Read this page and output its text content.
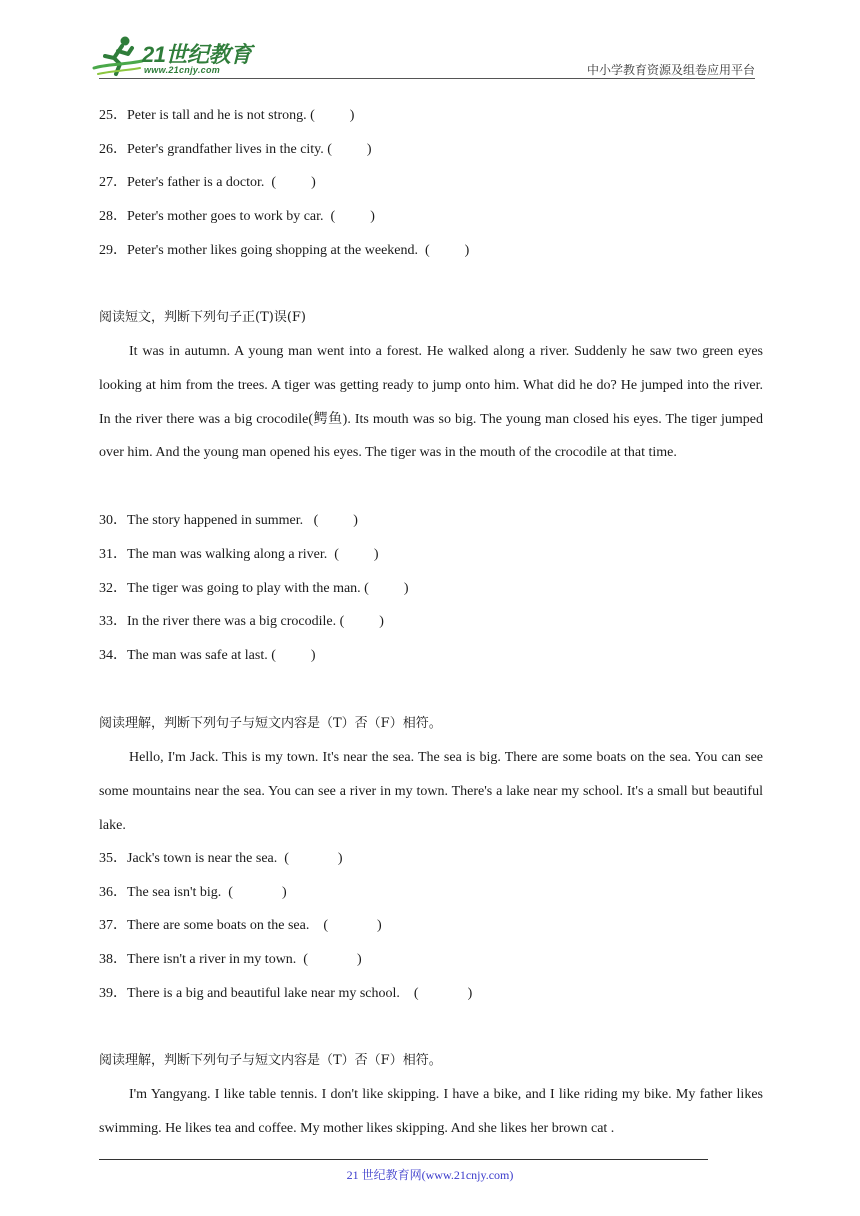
21世纪教育
www.21cnjy.com	中小学教育资源及组卷应用平台
25．Peter is tall and he is not strong. (          )
26．Peter's grandfather lives in the city. (          )
27．Peter's father is a doctor.  (          )
28．Peter's mother goes to work by car.  (          )
29．Peter's mother likes going shopping at the weekend.  (          )
阅读短文，判断下列句子正(T)误(F)

It was in autumn. A young man went into a forest. He walked along a river. Suddenly he saw two green eyes looking at him from the trees. A tiger was getting ready to jump onto him. What did he do? He jumped into the river. In the river there was a big crocodile(鳄鱼). Its mouth was so big. The young man closed his eyes. The tiger jumped over him. And the young man opened his eyes. The tiger was in the mouth of the crocodile at that time.

30．The story happened in summer.   (          )
31．The man was walking along a river.  (          )
32．The tiger was going to play with the man. (          )
33．In the river there was a big crocodile. (          )
34．The man was safe at last. (          )
阅读理解，判断下列句子与短文内容是（T）否（F）相符。

Hello, I'm Jack. This is my town. It's near the sea. The sea is big. There are some boats on the sea. You can see some mountains near the sea. You can see a river in my town. There's a lake near my school. It's a small but beautiful lake.

35．Jack's town is near the sea.  (              )
36．The sea isn't big.  (              )
37．There are some boats on the sea.    (              )
38．There isn't a river in my town.  (              )
39．There is a big and beautiful lake near my school.    (              )
阅读理解，判断下列句子与短文内容是（T）否（F）相符。

I'm Yangyang. I like table tennis. I don't like skipping. I have a bike, and I like riding my bike. My father likes swimming. He likes tea and coffee. My mother likes skipping. And she likes her brown cat .

21 世纪教育网(www.21cnjy.com)
